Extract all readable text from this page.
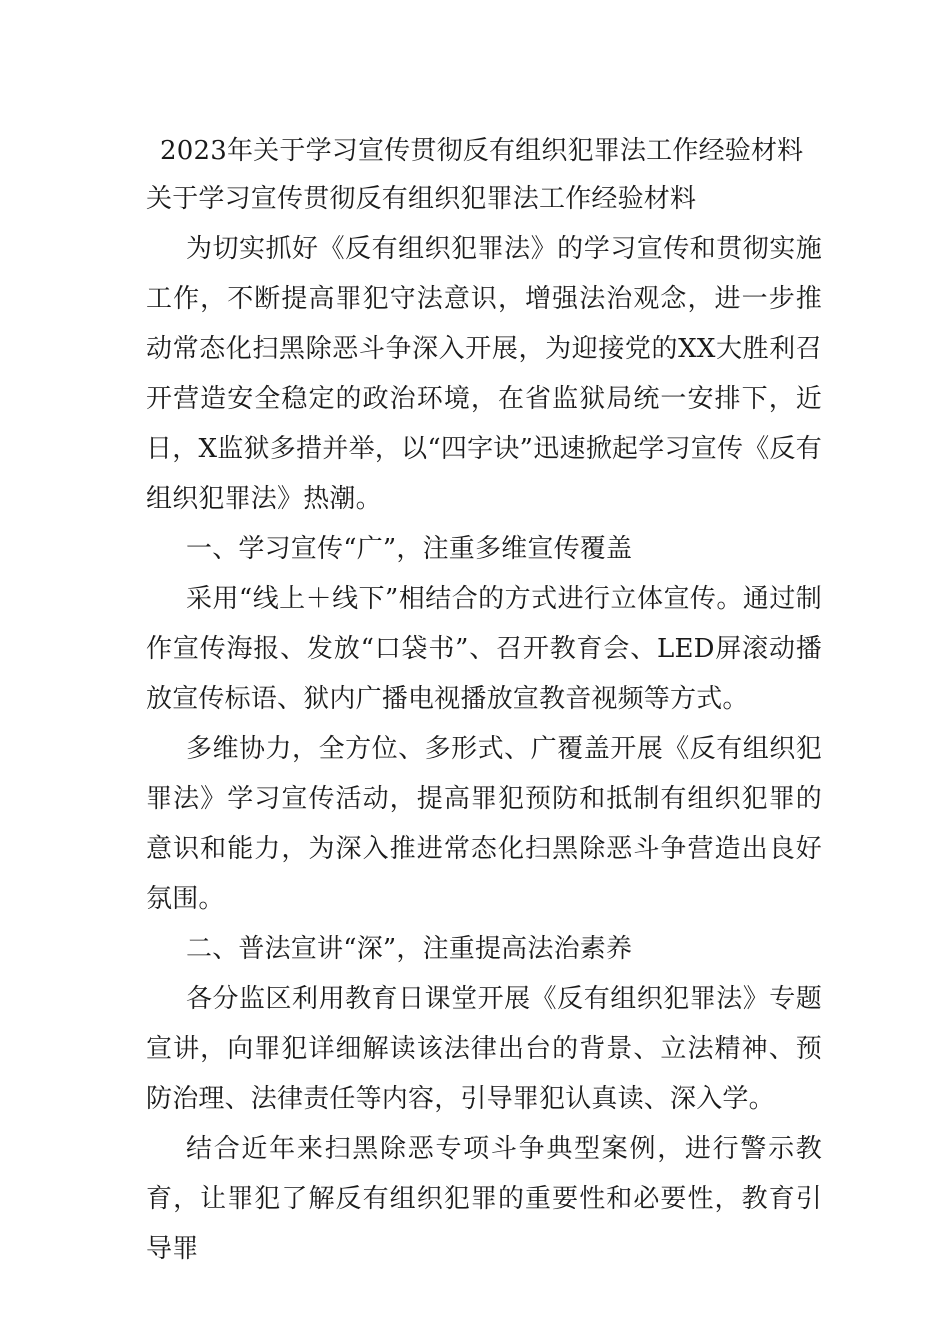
2023年关于学习宣传贯彻反有组织犯罪法工作经验材料
关于学习宣传贯彻反有组织犯罪法工作经验材料

为切实抓好《反有组织犯罪法》的学习宣传和贯彻实施工作，不断提高罪犯守法意识，增强法治观念，进一步推动常态化扫黑除恶斗争深入开展，为迎接党的XX大胜利召开营造安全稳定的政治环境，在省监狱局统一安排下，近日，X监狱多措并举，以“四字诀”迅速掀起学习宣传《反有组织犯罪法》热潮。

一、学习宣传“广”，注重多维宣传覆盖

采用“线上＋线下”相结合的方式进行立体宣传。通过制作宣传海报、发放“口袋书”、召开教育会、LED屏滚动播放宣传标语、狱内广播电视播放宣教音视频等方式。

多维协力，全方位、多形式、广覆盖开展《反有组织犯罪法》学习宣传活动，提高罪犯预防和抵制有组织犯罪的意识和能力，为深入推进常态化扫黑除恶斗争营造出良好氛围。

二、普法宣讲“深”，注重提高法治素养

各分监区利用教育日课堂开展《反有组织犯罪法》专题宣讲，向罪犯详细解读该法律出台的背景、立法精神、预防治理、法律责任等内容，引导罪犯认真读、深入学。

结合近年来扫黑除恶专项斗争典型案例，进行警示教育，让罪犯了解反有组织犯罪的重要性和必要性，教育引导罪
